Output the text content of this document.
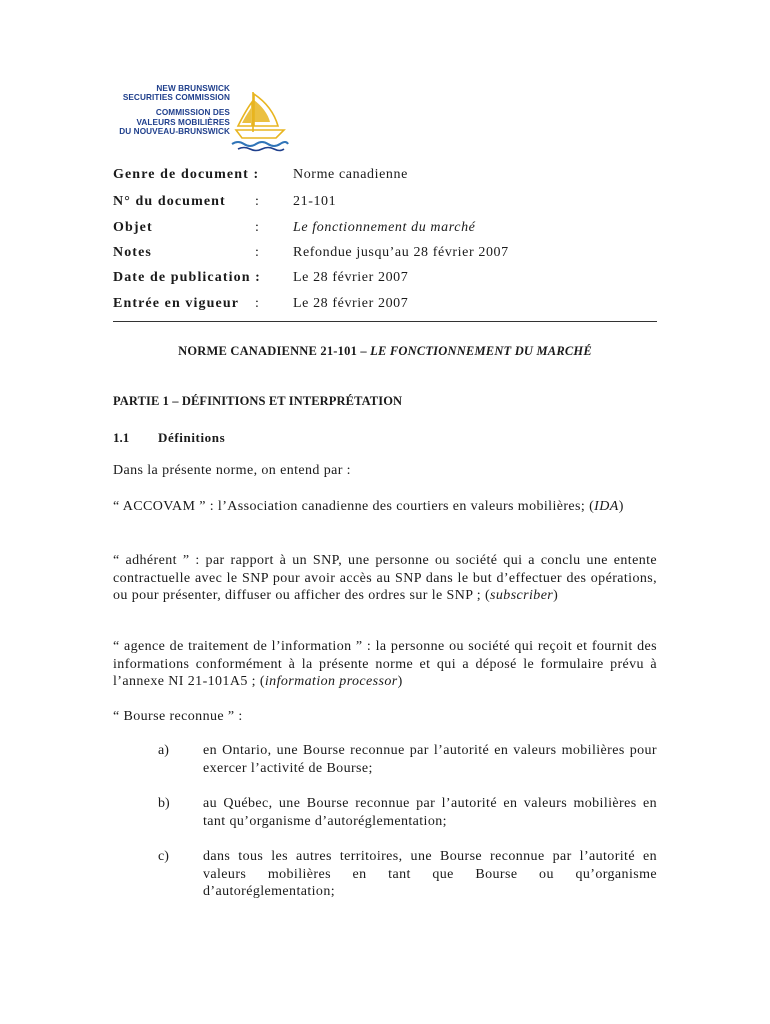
NEW BRUNSWICK
SECURITIES COMMISSION
COMMISSION DES
VALEURS MOBILIÈRES
DU NOUVEAU-BRUNSWICK
Genre de document : Norme canadienne
N° du document : 21-101
Objet	: Le fonctionnement du marché
Notes	: Refondue jusqu’au 28 février 2007
Date de publication : Le 28 février 2007
Entrée en vigueur : Le 28 février 2007
NORME CANADIENNE 21-101 – LE FONCTIONNEMENT DU MARCHÉ
PARTIE 1 – DÉFINITIONS ET INTERPRÉTATION
1.1 Définitions
Dans la présente norme, on entend par :
“ ACCOVAM ” : l’Association canadienne des courtiers en valeurs mobilières; (IDA)
“ adhérent ” : par rapport à un SNP, une personne ou société qui a conclu une entente contractuelle avec le SNP pour avoir accès au SNP dans le but d’effectuer des opérations, ou pour présenter, diffuser ou afficher des ordres sur le SNP ; (subscriber)
“ agence de traitement de l’information ” : la personne ou société qui reçoit et fournit des informations conformément à la présente norme et qui a déposé le formulaire prévu à l’annexe NI 21-101A5 ; (information processor)
“ Bourse reconnue ” :
a) en Ontario, une Bourse reconnue par l’autorité en valeurs mobilières pour exercer l’activité de Bourse;
b) au Québec, une Bourse reconnue par l’autorité en valeurs mobilières en tant qu’organisme d’autoréglementation;
c) dans tous les autres territoires, une Bourse reconnue par l’autorité en valeurs mobilières en tant que Bourse ou qu’organisme d’autoréglementation;
